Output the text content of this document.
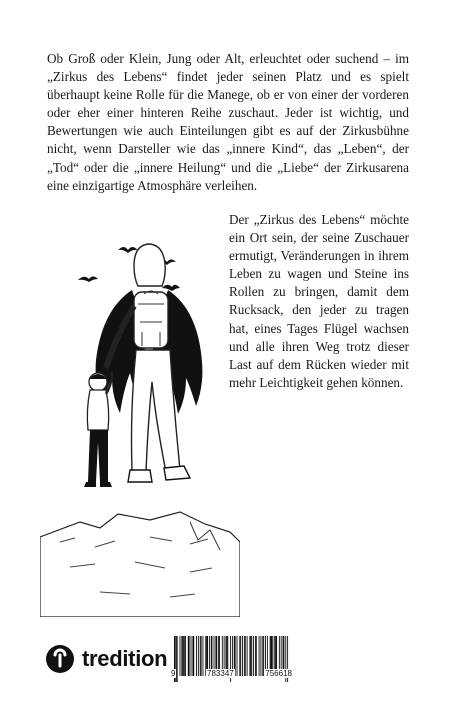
Ob Groß oder Klein, Jung oder Alt, erleuchtet oder suchend – im „Zirkus des Lebens“ findet jeder seinen Platz und es spielt überhaupt keine Rolle für die Manege, ob er von einer der vorderen oder eher einer hinteren Reihe zuschaut. Jeder ist wichtig, und Bewertungen wie auch Einteilungen gibt es auf der Zirkusbühne nicht, wenn Darsteller wie das „innere Kind“, das „Leben“, der „Tod“ oder die „innere Heilung“ und die „Liebe“ der Zirkusarena eine einzigartige Atmosphäre verleihen.

Der „Zirkus des Lebens“ möchte ein Ort sein, der seine Zuschauer ermutigt, Veränderungen in ihrem Leben zu wagen und Steine ins Rollen zu bringen, damit dem Rucksack, den jeder zu tragen hat, eines Tages Flügel wachsen und alle ihren Weg trotz dieser Last auf dem Rücken wieder mit mehr Leichtigkeit gehen können.

tredition
9	783347	756618
